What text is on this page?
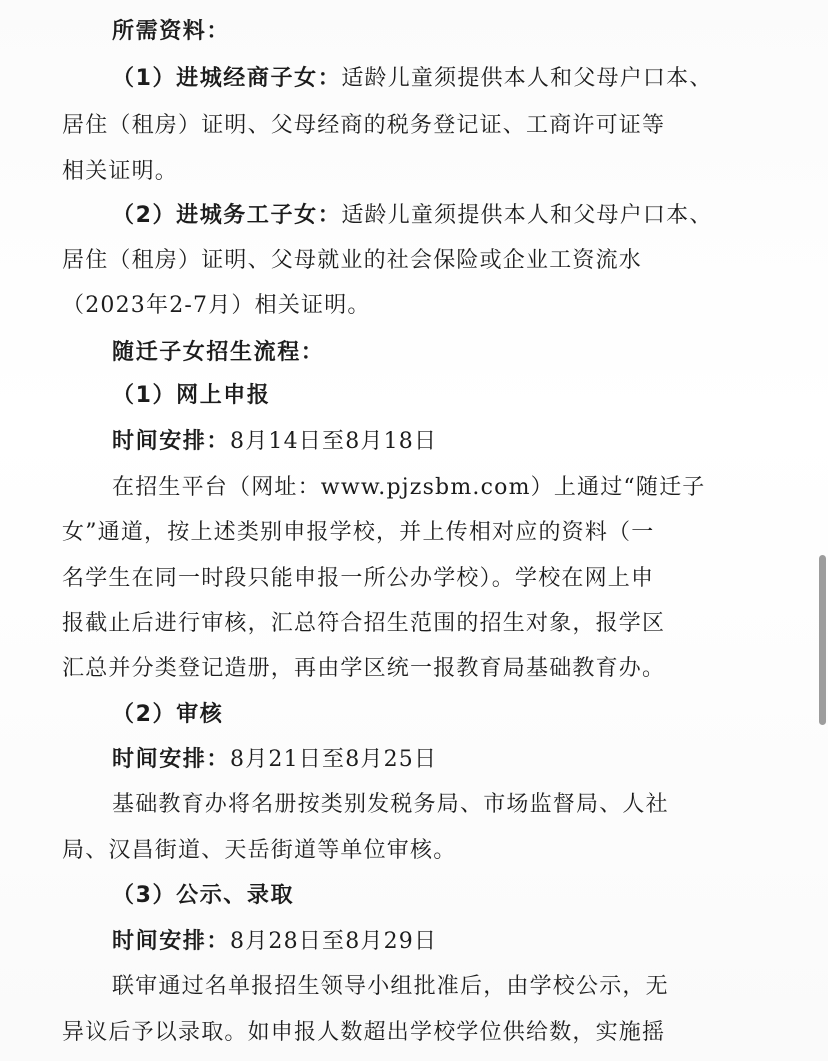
所需资料：
（1）进城经商子女：适龄儿童须提供本人和父母户口本、
居住（租房）证明、父母经商的税务登记证、工商许可证等
相关证明。
（2）进城务工子女：适龄儿童须提供本人和父母户口本、
居住（租房）证明、父母就业的社会保险或企业工资流水
（2023年2-7月）相关证明。
随迁子女招生流程：
（1）网上申报
时间安排：8月14日至8月18日
在招生平台（网址：www.pjzsbm.com）上通过“随迁子
女”通道，按上述类别申报学校，并上传相对应的资料（一
名学生在同一时段只能申报一所公办学校）。学校在网上申
报截止后进行审核，汇总符合招生范围的招生对象，报学区
汇总并分类登记造册，再由学区统一报教育局基础教育办。
（2）审核
时间安排：8月21日至8月25日
基础教育办将名册按类别发税务局、市场监督局、人社
局、汉昌街道、天岳街道等单位审核。
（3）公示、录取
时间安排：8月28日至8月29日
联审通过名单报招生领导小组批准后，由学校公示，无
异议后予以录取。如申报人数超出学校学位供给数，实施摇
